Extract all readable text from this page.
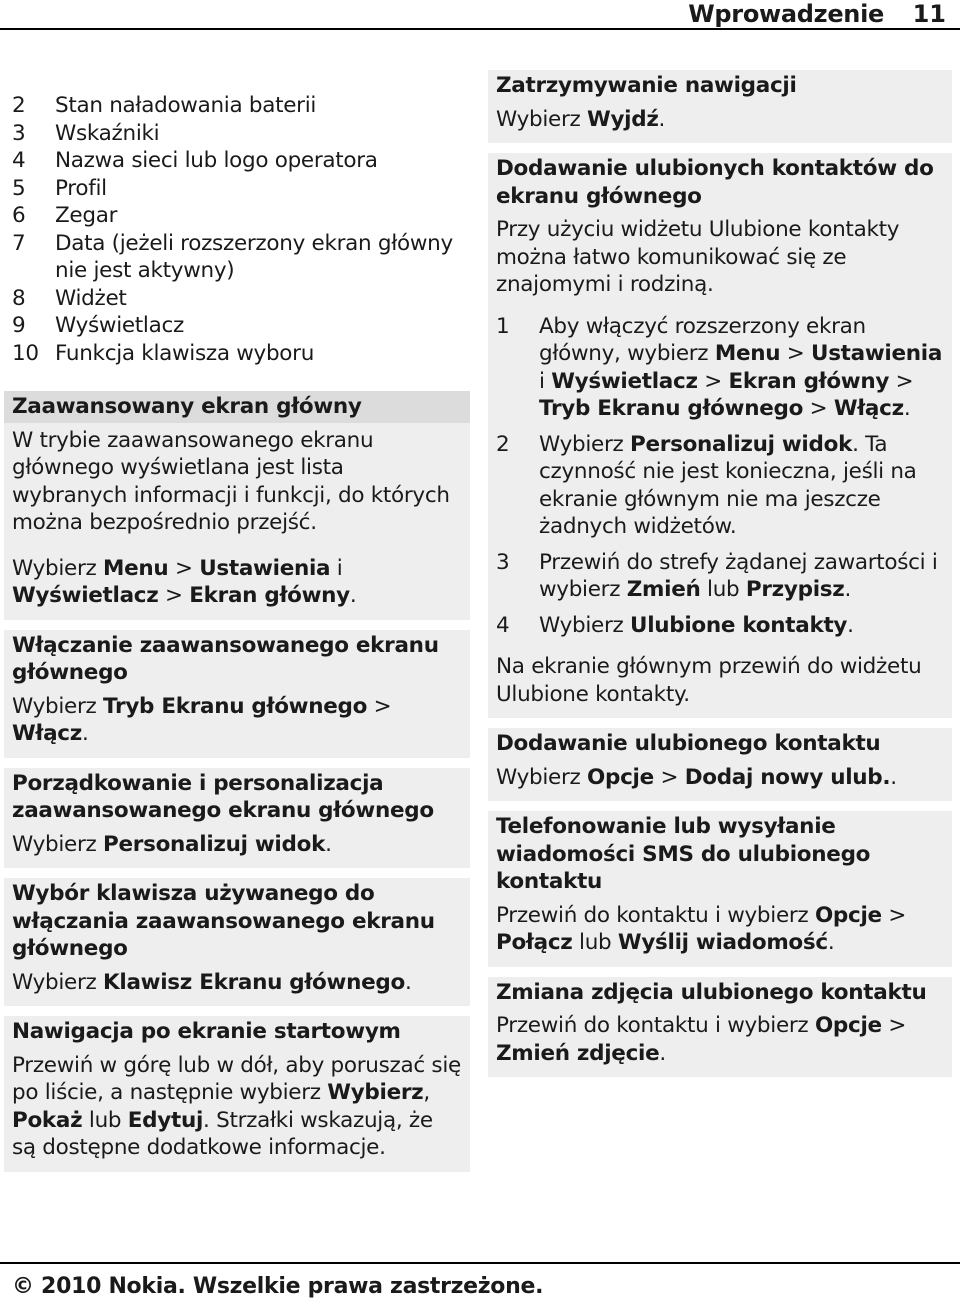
Wprowadzenie 11
2	Stan naładowania baterii
3	Wskaźniki
4	Nazwa sieci lub logo operatora
5	Profil
6	Zegar
7	Data (jeżeli rozszerzony ekran główny nie jest aktywny)
8	Widżet
9	Wyświetlacz
10 Funkcja klawisza wyboru
Zaawansowany ekran główny

W trybie zaawansowanego ekranu głównego wyświetlana jest lista wybranych informacji i funkcji, do których można bezpośrednio przejść.

Wybierz Menu > Ustawienia i Wyświetlacz > Ekran główny.

Włączanie zaawansowanego ekranu głównego

Wybierz Tryb Ekranu głównego > Włącz.

Porządkowanie i personalizacja zaawansowanego ekranu głównego

Wybierz Personalizuj widok.

Wybór klawisza używanego do włączania zaawansowanego ekranu głównego

Wybierz Klawisz Ekranu głównego.

Nawigacja po ekranie startowym

Przewiń w górę lub w dół, aby poruszać się po liście, a następnie wybierz Wybierz, Pokaż lub Edytuj. Strzałki wskazują, że są dostępne dodatkowe informacje.

Zatrzymywanie nawigacji

Wybierz Wyjdź.

Dodawanie ulubionych kontaktów do ekranu głównego

Przy użyciu widżetu Ulubione kontakty można łatwo komunikować się ze znajomymi i rodziną.

1	Aby włączyć rozszerzony ekran główny, wybierz Menu > Ustawienia i Wyświetlacz > Ekran główny > Tryb Ekranu głównego > Włącz.
2	Wybierz Personalizuj widok. Ta czynność nie jest konieczna, jeśli na ekranie głównym nie ma jeszcze żadnych widżetów.
3	Przewiń do strefy żądanej zawartości i wybierz Zmień lub Przypisz.
4	Wybierz Ulubione kontakty.

Na ekranie głównym przewiń do widżetu Ulubione kontakty.

Dodawanie ulubionego kontaktu

Wybierz Opcje > Dodaj nowy ulub..

Telefonowanie lub wysyłanie wiadomości SMS do ulubionego kontaktu

Przewiń do kontaktu i wybierz Opcje > Połącz lub Wyślij wiadomość.

Zmiana zdjęcia ulubionego kontaktu

Przewiń do kontaktu i wybierz Opcje > Zmień zdjęcie.

© 2010 Nokia. Wszelkie prawa zastrzeżone.
